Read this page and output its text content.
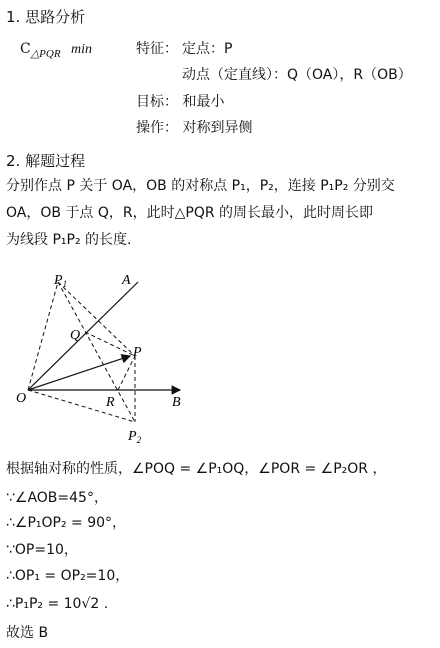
1. 思路分析
$C_{\triangle PQR}$ min	特征： 定点：P
动点（定直线）：Q（OA），R（OB）
目标： 和最小
操作： 对称到异侧
2. 解题过程
分别作点 P 关于 OA，OB 的对称点 P₁，P₂，连接 P₁P₂ 分别交
OA，OB 于点 Q，R，此时△PQR 的周长最小，此时周长即
为线段 P₁P₂ 的长度.
$P_1$	A
Q
P
O	R	B
$P_2$
根据轴对称的性质，∠POQ = ∠P₁OQ，∠POR = ∠P₂OR ，
∵∠AOB=45°，
∴∠P₁OP₂ = 90°，
∵OP=10，
∴OP₁ = OP₂=10，
∴P₁P₂ = 10√2 .
故选 B
